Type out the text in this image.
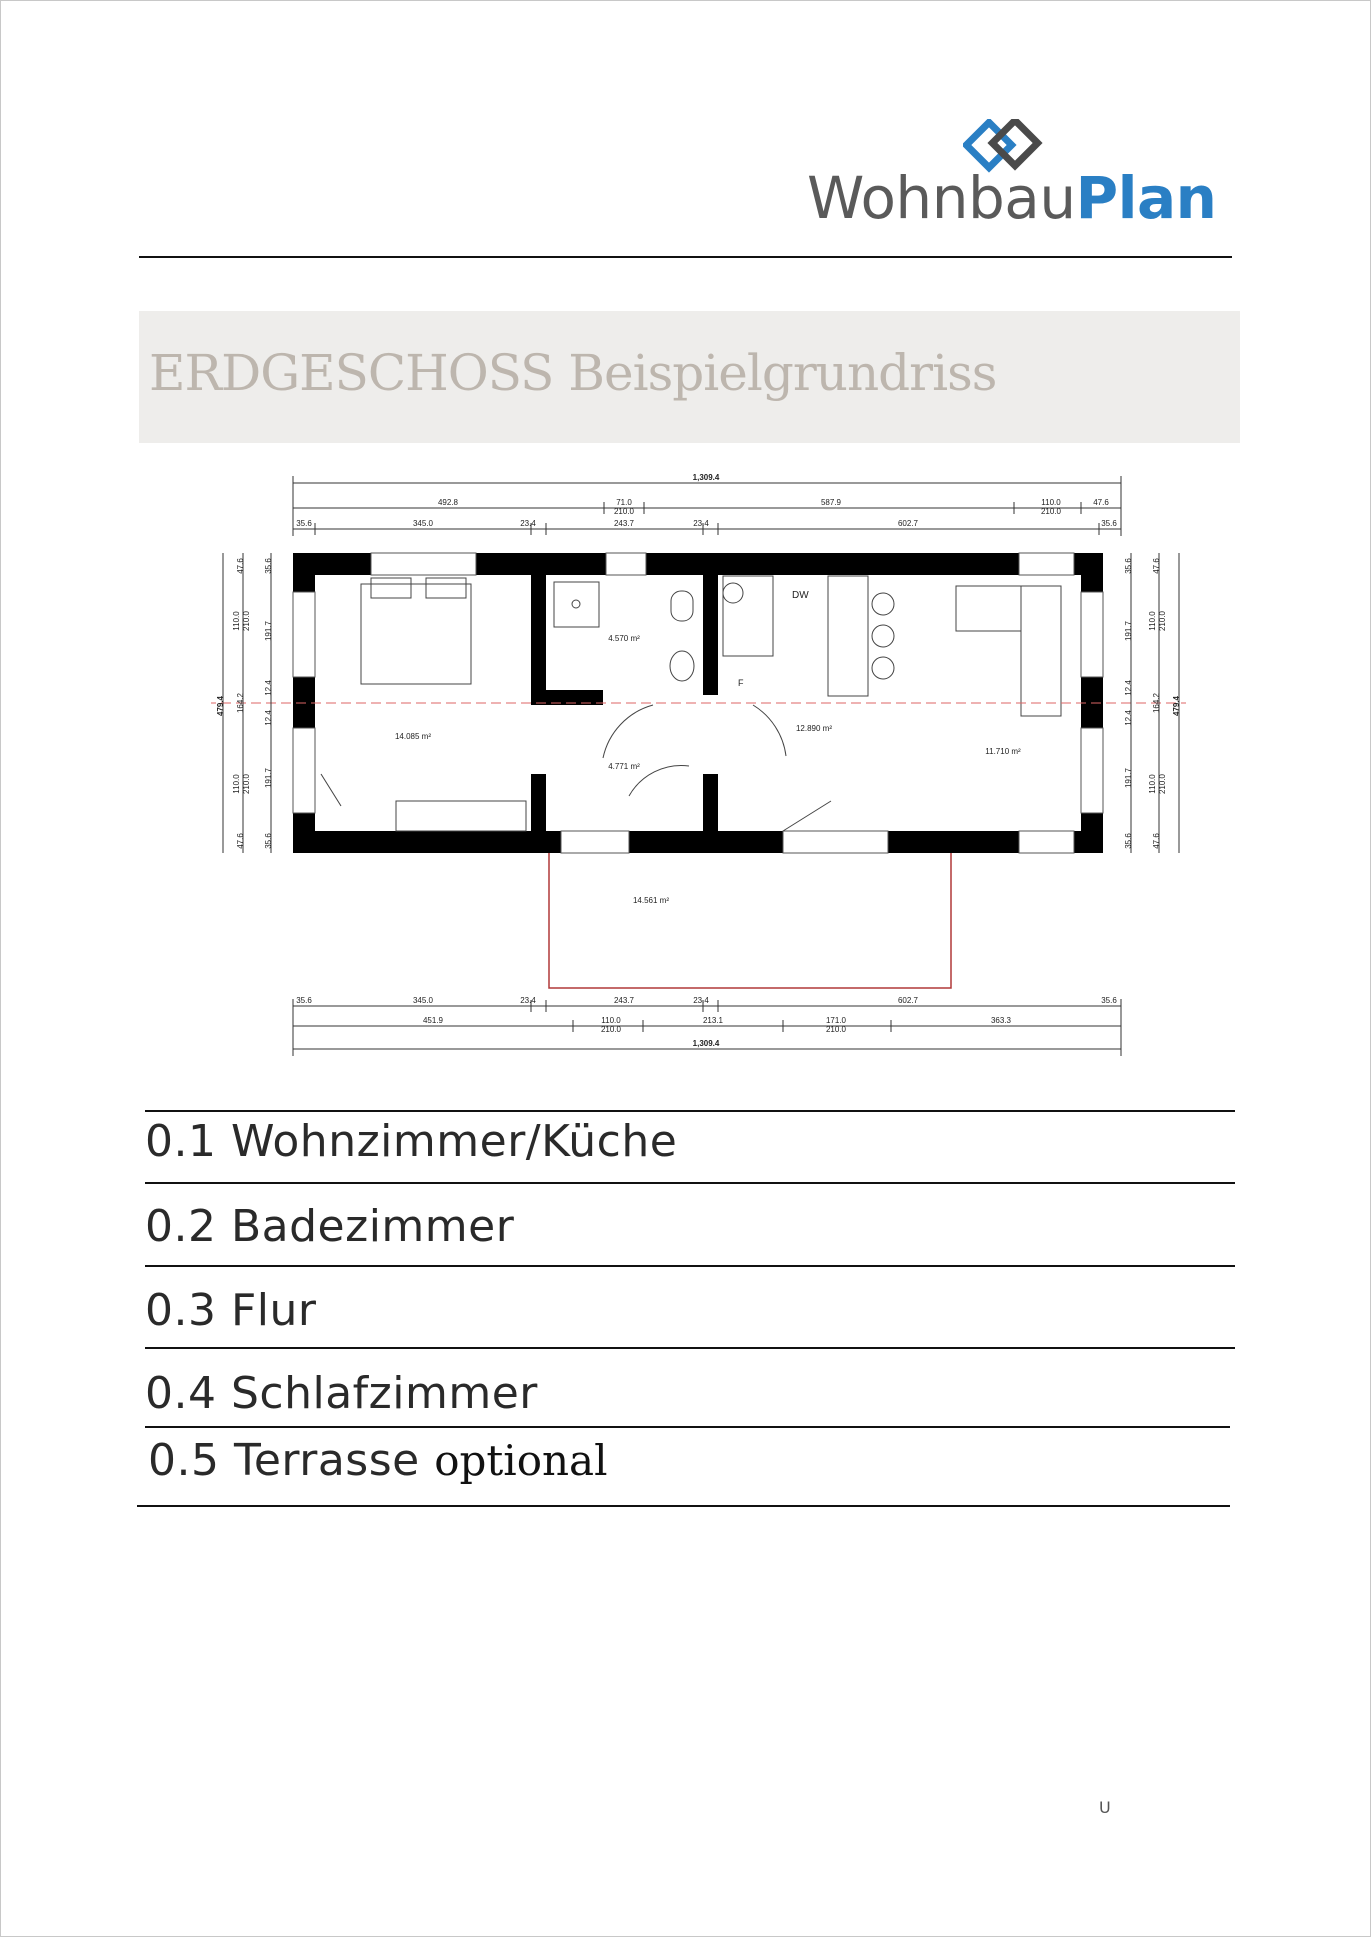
WohnbauPlan
ERDGESCHOSS Beispielgrundriss
1,309.4
492.8	71.0
210.0
587.9	110.0
210.0
47.6
35.6	345.0	23.4	243.7	23.4	602.7	35.6
DW
F
14.085 m²
4.570 m²
4.771 m²
12.890 m²
11.710 m²
14.561 m²
35.6	345.0	23.4	243.7	23.4	602.7	35.6
451.9	110.0
210.0
213.1	171.0
210.0
363.3
1,309.4
479.4
47.6
110.0 210.0
164.2
110.0 210.0
47.6
35.6
191.7
12.4
12.4
191.7
35.6
479.4
47.6
110.0 210.0
164.2
110.0 210.0
47.6
35.6
191.7
12.4
12.4
191.7
35.6
0.1 Wohnzimmer/Küche
0.2 Badezimmer
0.3 Flur
0.4 Schlafzimmer
0.5 Terrasse optional
U
